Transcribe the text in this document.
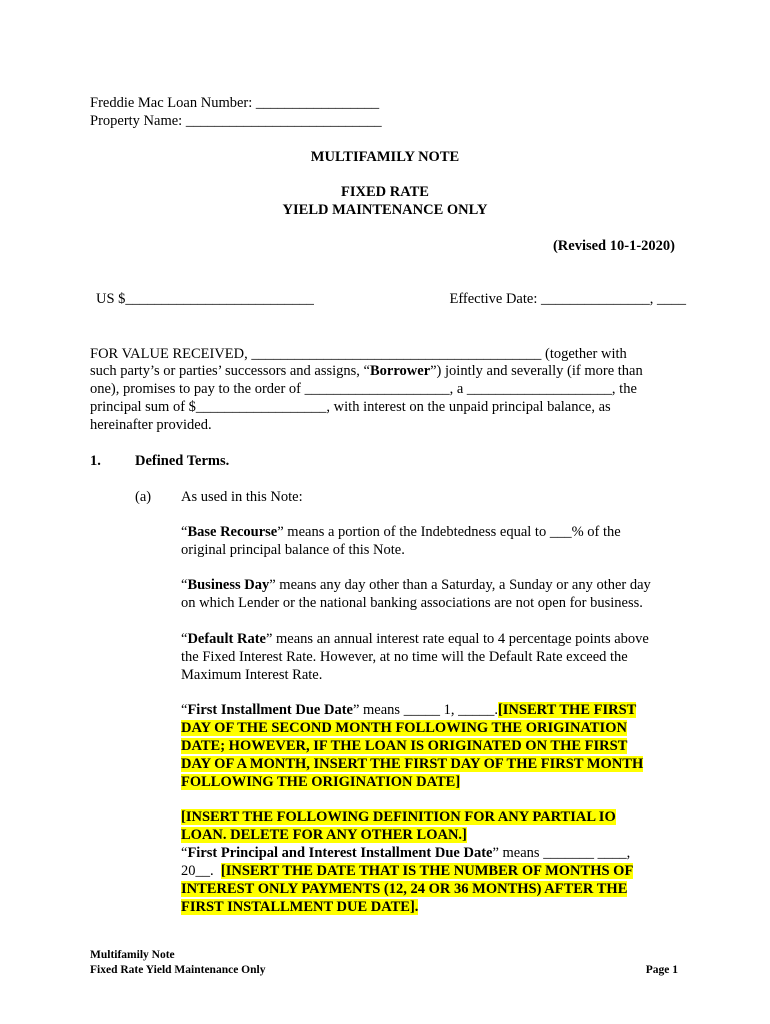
Freddie Mac Loan Number: _________________
Property Name: ___________________________
MULTIFAMILY NOTE
FIXED RATE
YIELD MAINTENANCE ONLY
(Revised 10-1-2020)
US $__________________________	Effective Date: _______________, ____
FOR VALUE RECEIVED, ________________________________________ (together with
such party’s or parties’ successors and assigns, “Borrower”) jointly and severally (if more than
one), promises to pay to the order of ____________________, a ____________________, the
principal sum of $__________________, with interest on the unpaid principal balance, as
hereinafter provided.
1. Defined Terms.
(a) As used in this Note:
“Base Recourse” means a portion of the Indebtedness equal to ___% of the
original principal balance of this Note.
“Business Day” means any day other than a Saturday, a Sunday or any other day
on which Lender or the national banking associations are not open for business.
“Default Rate” means an annual interest rate equal to 4 percentage points above
the Fixed Interest Rate. However, at no time will the Default Rate exceed the
Maximum Interest Rate.
“First Installment Due Date” means _____ 1, _____.[INSERT THE FIRST
DAY OF THE SECOND MONTH FOLLOWING THE ORIGINATION
DATE; HOWEVER, IF THE LOAN IS ORIGINATED ON THE FIRST
DAY OF A MONTH, INSERT THE FIRST DAY OF THE FIRST MONTH
FOLLOWING THE ORIGINATION DATE]
[INSERT THE FOLLOWING DEFINITION FOR ANY PARTIAL IO
LOAN. DELETE FOR ANY OTHER LOAN.]
“First Principal and Interest Installment Due Date” means _______ ____,
20__. [INSERT THE DATE THAT IS THE NUMBER OF MONTHS OF
INTEREST ONLY PAYMENTS (12, 24 OR 36 MONTHS) AFTER THE
FIRST INSTALLMENT DUE DATE].
Multifamily Note
Fixed Rate Yield Maintenance Only	Page 1
